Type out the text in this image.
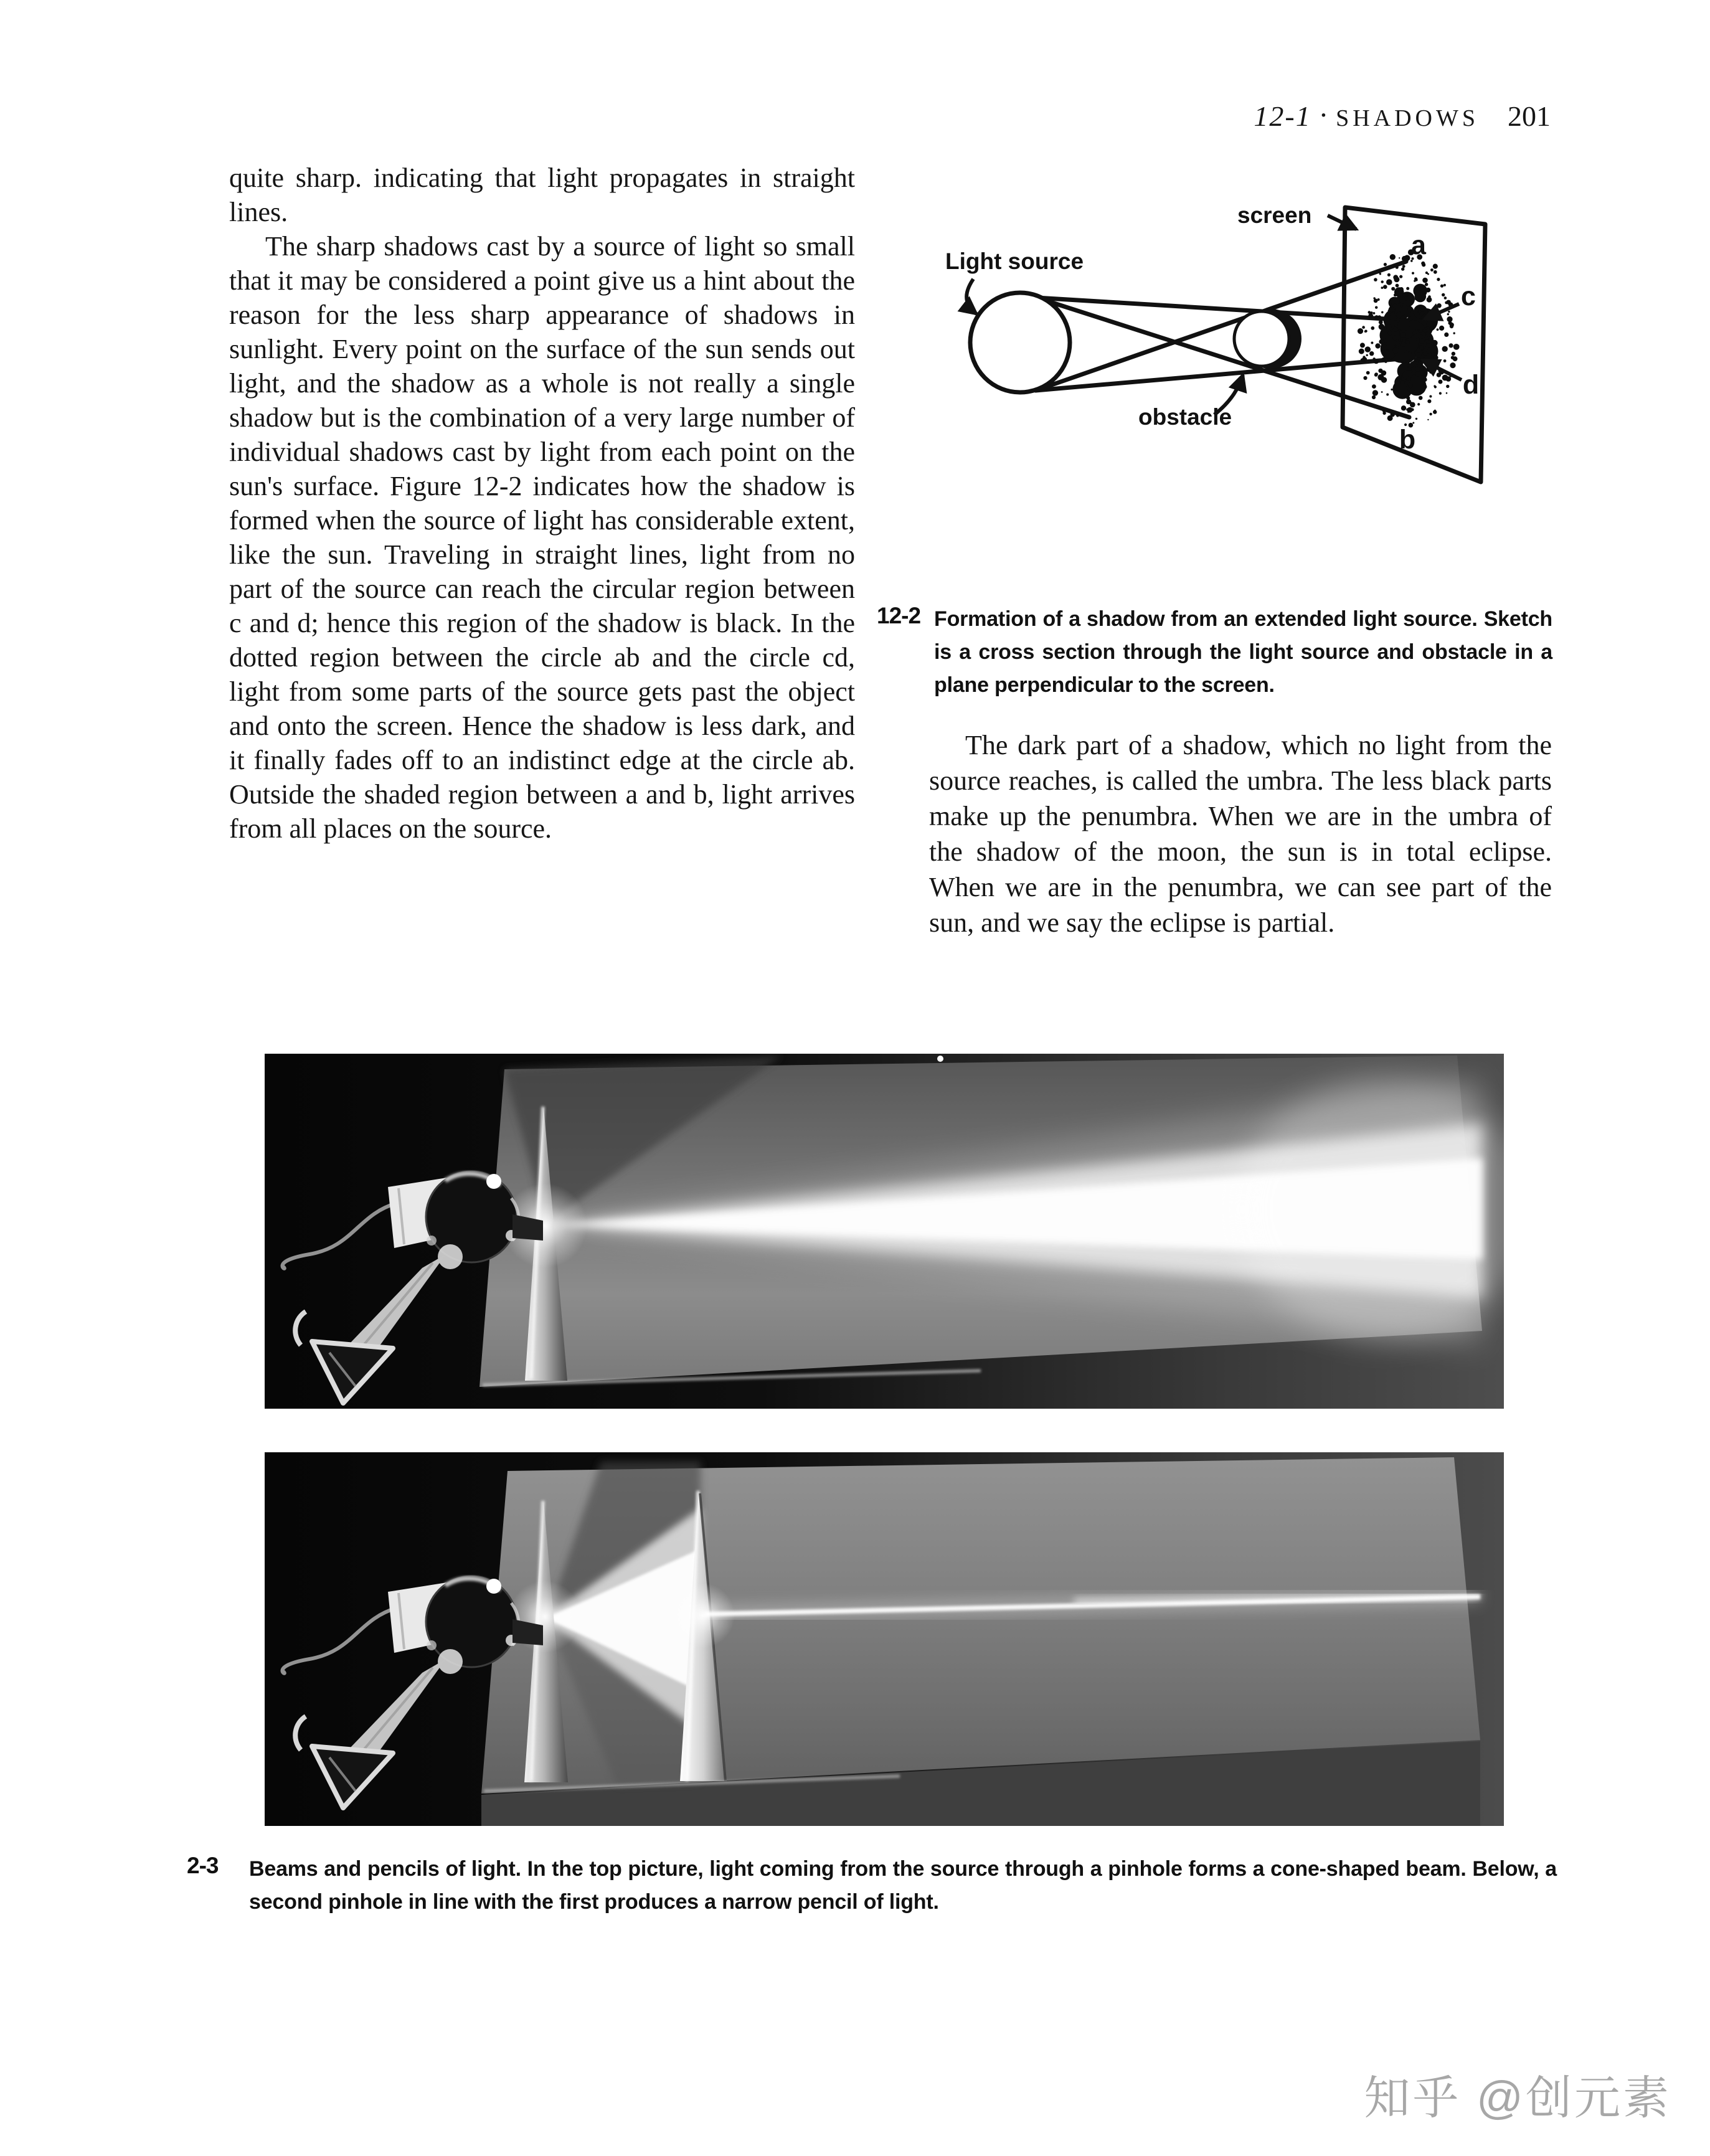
12-1 · SHADOWS 201

quite sharp. indicating that light propagates in straight lines.

The sharp shadows cast by a source of light so small that it may be considered a point give us a hint about the reason for the less sharp appearance of shadows in sunlight. Every point on the surface of the sun sends out light, and the shadow as a whole is not really a single shadow but is the combination of a very large number of individual shadows cast by light from each point on the sun's surface. Figure 12-2 indicates how the shadow is formed when the source of light has considerable extent, like the sun. Traveling in straight lines, light from no part of the source can reach the circular region between c and d; hence this region of the shadow is black. In the dotted region between the circle ab and the circle cd, light from some parts of the source gets past the object and onto the screen. Hence the shadow is less dark, and it finally fades off to an indistinct edge at the circle ab. Outside the shaded region between a and b, light arrives from all places on the source.

screen
Light source
obstacle
a
c
d
b
12-2 Formation of a shadow from an extended light source. Sketch is a cross section through the light source and obstacle in a plane perpendicular to the screen.

The dark part of a shadow, which no light from the source reaches, is called the umbra. The less black parts make up the penumbra. When we are in the umbra of the shadow of the moon, the sun is in total eclipse. When we are in the penumbra, we can see part of the sun, and we say the eclipse is partial.

2-3	Beams and pencils of light. In the top picture, light coming from the source through a pinhole forms a cone-shaped beam. Below, a second pinhole in line with the first produces a narrow pencil of light.

知乎 @创元素
